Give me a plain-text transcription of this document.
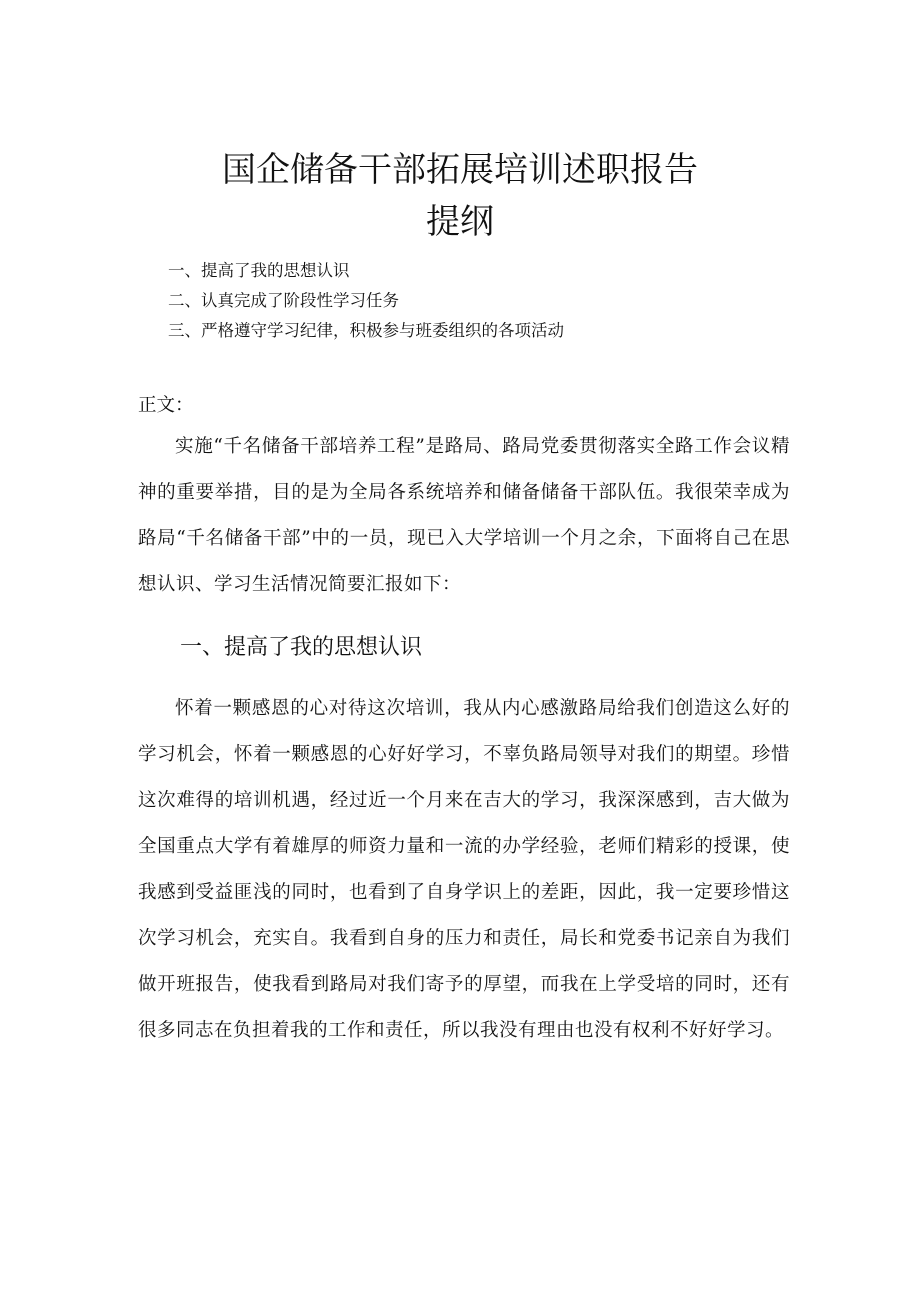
国企储备干部拓展培训述职报告
提纲
一、提高了我的思想认识
二、认真完成了阶段性学习任务
三、严格遵守学习纪律，积极参与班委组织的各项活动
正文：
实施“千名储备干部培养工程”是路局、路局党委贯彻落实全路工作会议精神的重要举措，目的是为全局各系统培养和储备储备干部队伍。我很荣幸成为路局“千名储备干部”中的一员，现已入大学培训一个月之余，下面将自己在思想认识、学习生活情况简要汇报如下：
一、提高了我的思想认识
怀着一颗感恩的心对待这次培训，我从内心感激路局给我们创造这么好的学习机会，怀着一颗感恩的心好好学习，不辜负路局领导对我们的期望。珍惜这次难得的培训机遇，经过近一个月来在吉大的学习，我深深感到，吉大做为全国重点大学有着雄厚的师资力量和一流的办学经验，老师们精彩的授课，使我感到受益匪浅的同时，也看到了自身学识上的差距，因此，我一定要珍惜这次学习机会，充实自。我看到自身的压力和责任，局长和党委书记亲自为我们做开班报告，使我看到路局对我们寄予的厚望，而我在上学受培的同时，还有很多同志在负担着我的工作和责任，所以我没有理由也没有权利不好好学习。
